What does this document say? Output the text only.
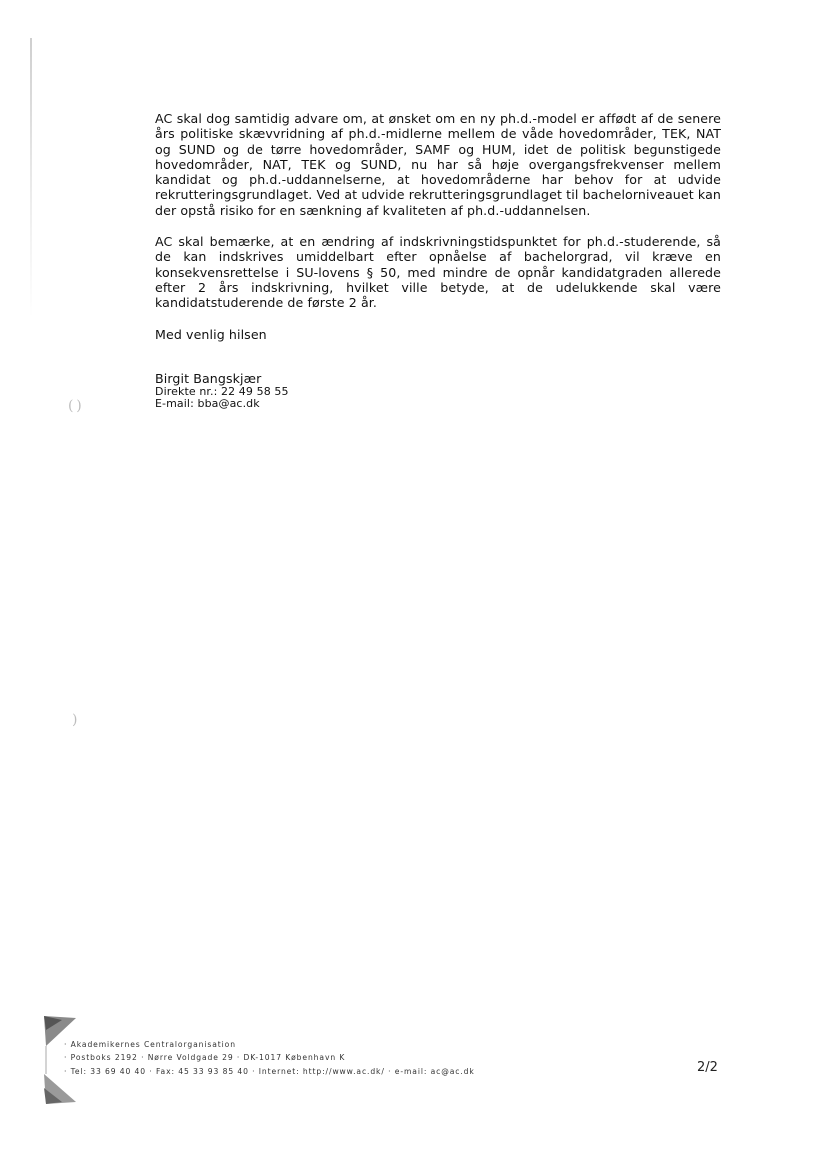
( )
)

AC skal dog samtidig advare om, at ønsket om en ny ph.d.-model er affødt af de senere års politiske skævvridning af ph.d.-midlerne mellem de våde hovedområder, TEK, NAT og SUND og de tørre hovedområder, SAMF og HUM, idet de politisk begunstigede hovedområder, NAT, TEK og SUND, nu har så høje overgangsfrekvenser mellem kandidat og ph.d.-uddannelserne, at hovedområderne har behov for at udvide rekrutteringsgrundlaget. Ved at udvide rekrutteringsgrundlaget til bachelorniveauet kan der opstå risiko for en sænkning af kvaliteten af ph.d.-uddannelsen.

AC skal bemærke, at en ændring af indskrivningstidspunktet for ph.d.-studerende, så de kan indskrives umiddelbart efter opnåelse af bachelorgrad, vil kræve en konsekvensrettelse i SU-lovens § 50, med mindre de opnår kandidatgraden allerede efter 2 års indskrivning, hvilket ville betyde, at de udelukkende skal være kandidatstuderende de første 2 år.

Med venlig hilsen

Birgit Bangskjær
Direkte nr.: 22 49 58 55
E-mail: bba@ac.dk
· Akademikernes Centralorganisation
· Postboks 2192 · Nørre Voldgade 29 · DK-1017 København K
· Tel: 33 69 40 40 · Fax: 45 33 93 85 40 · Internet: http://www.ac.dk/ · e-mail: ac@ac.dk	2/2
